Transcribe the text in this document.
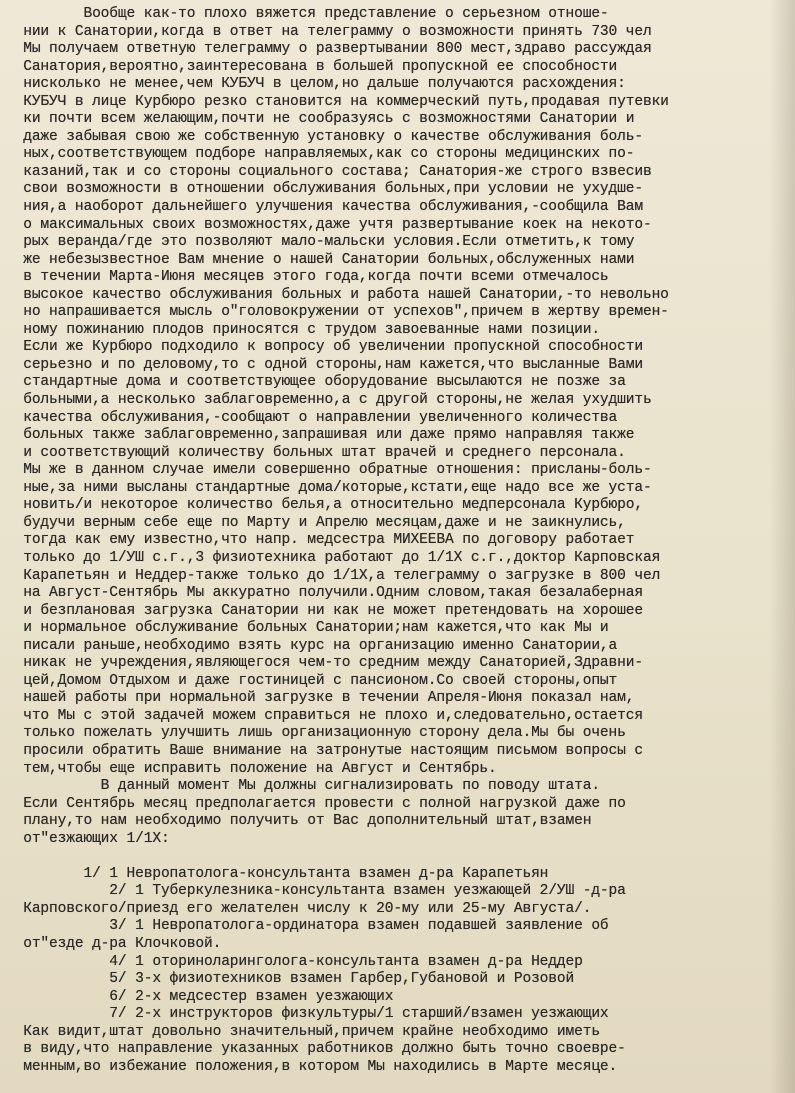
Вообще как-то плохо вяжется представление о серьезном отноше-
нии к Санатории,когда в ответ на телеграмму о возможности принять 730 чел
Мы получаем ответную телеграмму о развертывании 800 мест,здраво рассуждая
Санатория,вероятно,заинтересована в большей пропускной ее способности
нисколько не менее,чем КУБУЧ в целом,но дальше получаются расхождения:
КУБУЧ в лице Курбюро резко становится на коммерческий путь,продавая путевки
ки почти всем желающим,почти не сообразуясь с возможностями Санатории и
даже забывая свою же собственную установку о качестве обслуживания боль-
ных,соответствующем подборе направляемых,как со стороны медицинских по-
казаний,так и со стороны социального состава; Санатория-же строго взвесив
свои возможности в отношении обслуживания больных,при условии не ухудше-
ния,а наоборот дальнейшего улучшения качества обслуживания,-сообщила Вам
о максимальных своих возможностях,даже учтя развертывание коек на некото-
рых веранда/где это позволяют мало-мальски условия.Если отметить,к тому
же небезызвестное Вам мнение о нашей Санатории больных,обслуженных нами
в течении Марта-Июня месяцев этого года,когда почти всеми отмечалось
высокое качество обслуживания больных и работа нашей Санатории,-то невольно
но напрашивается мысль о"головокружении от успехов",причем в жертву времен-
ному пожинанию плодов приносятся с трудом завоеванные нами позиции.
Если же Курбюро подходило к вопросу об увеличении пропускной способности
серьезно и по деловому,то с одной стороны,нам кажется,что высланные Вами
стандартные дома и соответствующее оборудование высылаются не позже за
больными,а несколько заблаговременно,а с другой стороны,не желая ухудшить
качества обслуживания,-сообщают о направлении увеличенного количества
больных также заблаговременно,запрашивая или даже прямо направляя также
и соответствующий количеству больных штат врачей и среднего персонала.
Мы же в данном случае имели совершенно обратные отношения: присланы-боль-
ные,за ними высланы стандартные дома/которые,кстати,еще надо все же уста-
новить/и некоторое количество белья,а относительно медперсонала Курбюро,
будучи верным себе еще по Марту и Апрелю месяцам,даже и не заикнулись,
тогда как ему известно,что напр. медсестра МИХЕЕВА по договору работает
только до 1/УШ с.г.,3 физиотехника работают до 1/1Х с.г.,доктор Карповская
Карапетьян и Неддер-также только до 1/1Х,а телеграмму о загрузке в 800 чел
на Август-Сентябрь Мы аккуратно получили.Одним словом,такая безалаберная
и безплановая загрузка Санатории ни как не может претендовать на хорошее
и нормальное обслуживание больных Санатории;нам кажется,что как Мы и
писали раньше,необходимо взять курс на организацию именно Санатории,а
никак не учреждения,являющегося чем-то средним между Санаторией,Здравни-
цей,Домом Отдыхом и даже гостиницей с пансионом.Со своей стороны,опыт
нашей работы при нормальной загрузке в течении Апреля-Июня показал нам,
что Мы с этой задачей можем справиться не плохо и,следовательно,остается
только пожелать улучшить лишь организационную сторону дела.Мы бы очень
просили обратить Ваше внимание на затронутые настоящим письмом вопросы с
тем,чтобы еще исправить положение на Август и Сентябрь.
В данный момент Мы должны сигнализировать по поводу штата.
Если Сентябрь месяц предполагается провести с полной нагрузкой даже по
плану,то нам необходимо получить от Вас дополнительный штат,взамен
от"езжающих 1/1Х:
1/ 1 Невропатолога-консультанта взамен д-ра Карапетьян
2/ 1 Туберкулезника-консультанта взамен уезжающей 2/УШ -д-ра
Карповского/приезд его желателен числу к 20-му или 25-му Августа/.
3/ 1 Невропатолога-ординатора взамен подавшей заявление об
от"езде д-ра Клочковой.
4/ 1 оториноларинголога-консультанта взамен д-ра Неддер
5/ 3-х физиотехников взамен Гарбер,Губановой и Розовой
6/ 2-х медсестер взамен уезжающих
7/ 2-х инструкторов физкультуры/1 старший/взамен уезжающих
Как видит,штат довольно значительный,причем крайне необходимо иметь
в виду,что направление указанных работников должно быть точно своевре-
менным,во избежание положения,в котором Мы находились в Марте месяце.
